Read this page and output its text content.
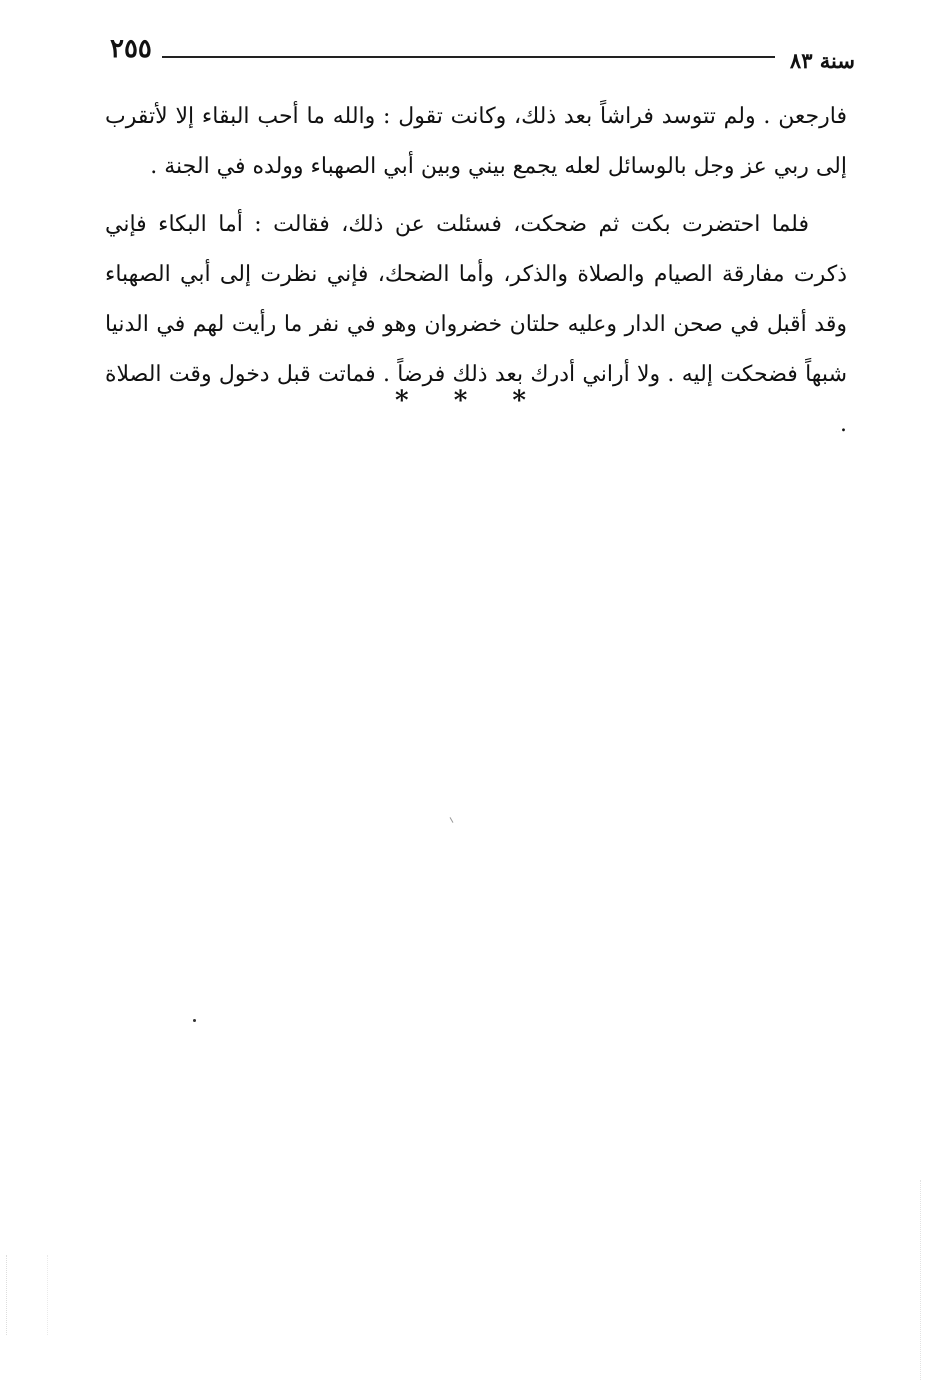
٢٥٥	سنة ٨٣

فارجعن . ولم تتوسد فراشاً بعد ذلك، وكانت تقول : والله ما أحب البقاء إلا لأتقرب إلى ربي عز وجل بالوسائل لعله يجمع بيني وبين أبي الصهباء وولده في الجنة .

فلما احتضرت بكت ثم ضحكت، فسئلت عن ذلك، فقالت : أما البكاء فإني ذكرت مفارقة الصيام والصلاة والذكر، وأما الضحك، فإني نظرت إلى أبي الصهباء وقد أقبل في صحن الدار وعليه حلتان خضروان وهو في نفر ما رأيت لهم في الدنيا شبهاً فضحكت إليه . ولا أراني أدرك بعد ذلك فرضاً . فماتت قبل دخول وقت الصلاة .

* * *
